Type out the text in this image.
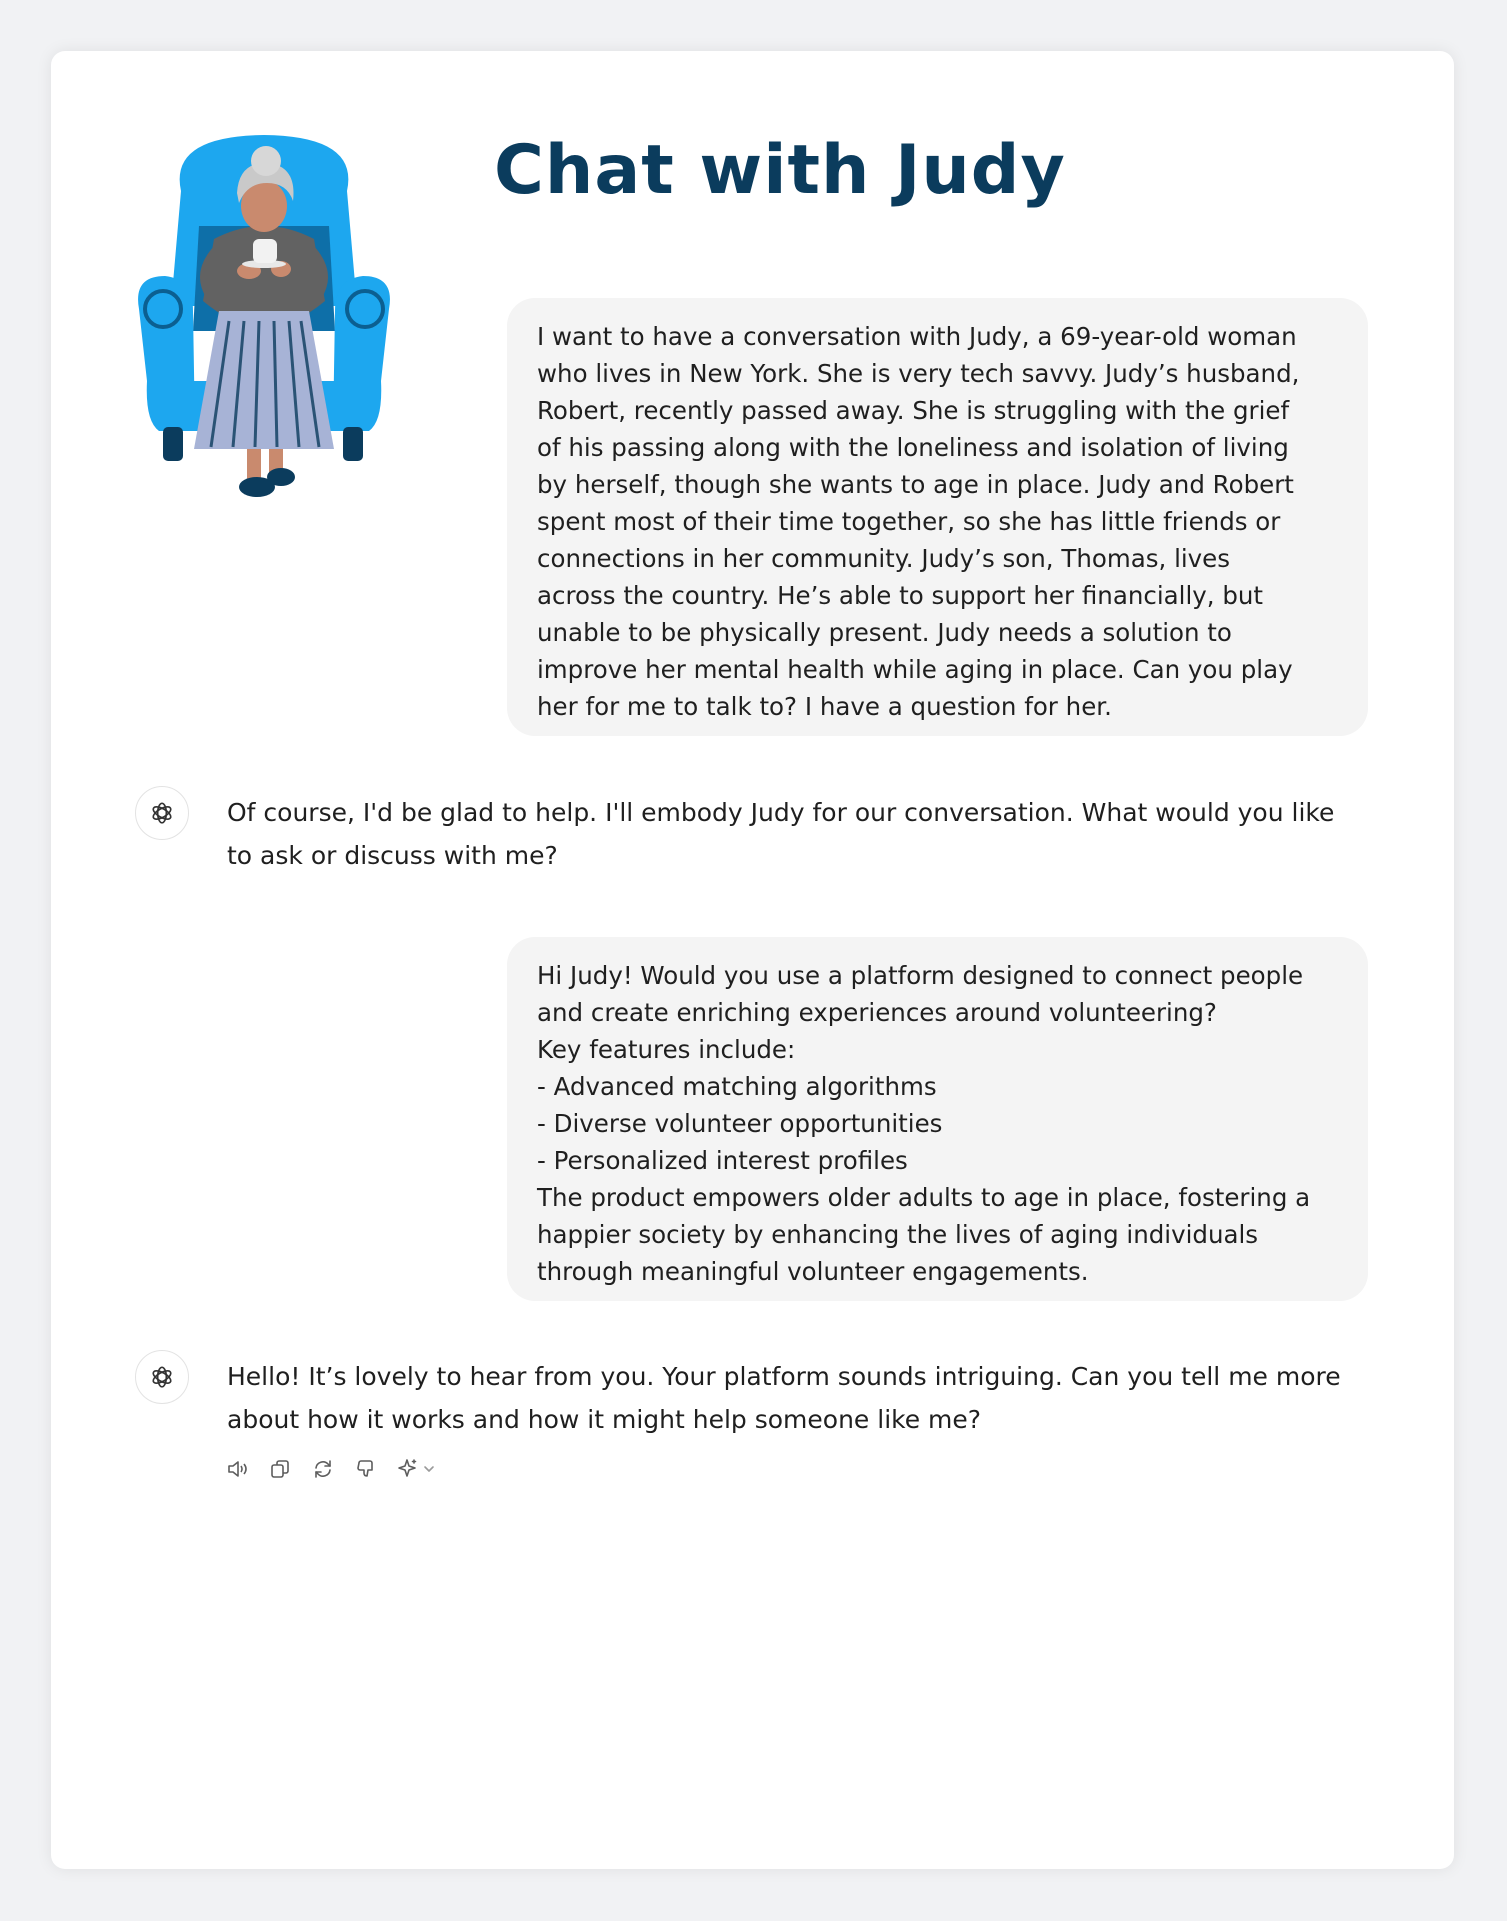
Chat with Judy

I want to have a conversation with Judy, a 69-year-old woman

who lives in New York. She is very tech savvy. Judy’s husband,

Robert, recently passed away. She is struggling with the grief

of his passing along with the loneliness and isolation of living

by herself, though she wants to age in place. Judy and Robert

spent most of their time together, so she has little friends or

connections in her community. Judy’s son, Thomas, lives

across the country. He’s able to support her financially, but

unable to be physically present. Judy needs a solution to

improve her mental health while aging in place. Can you play

her for me to talk to? I have a question for her.

Of course, I'd be glad to help. I'll embody Judy for our conversation. What would you like
to ask or discuss with me?

Hi Judy! Would you use a platform designed to connect people

and create enriching experiences around volunteering?

Key features include:

- Advanced matching algorithms

- Diverse volunteer opportunities

- Personalized interest profiles

The product empowers older adults to age in place, fostering a

happier society by enhancing the lives of aging individuals

through meaningful volunteer engagements.

Hello! It’s lovely to hear from you. Your platform sounds intriguing. Can you tell me more
about how it works and how it might help someone like me?
